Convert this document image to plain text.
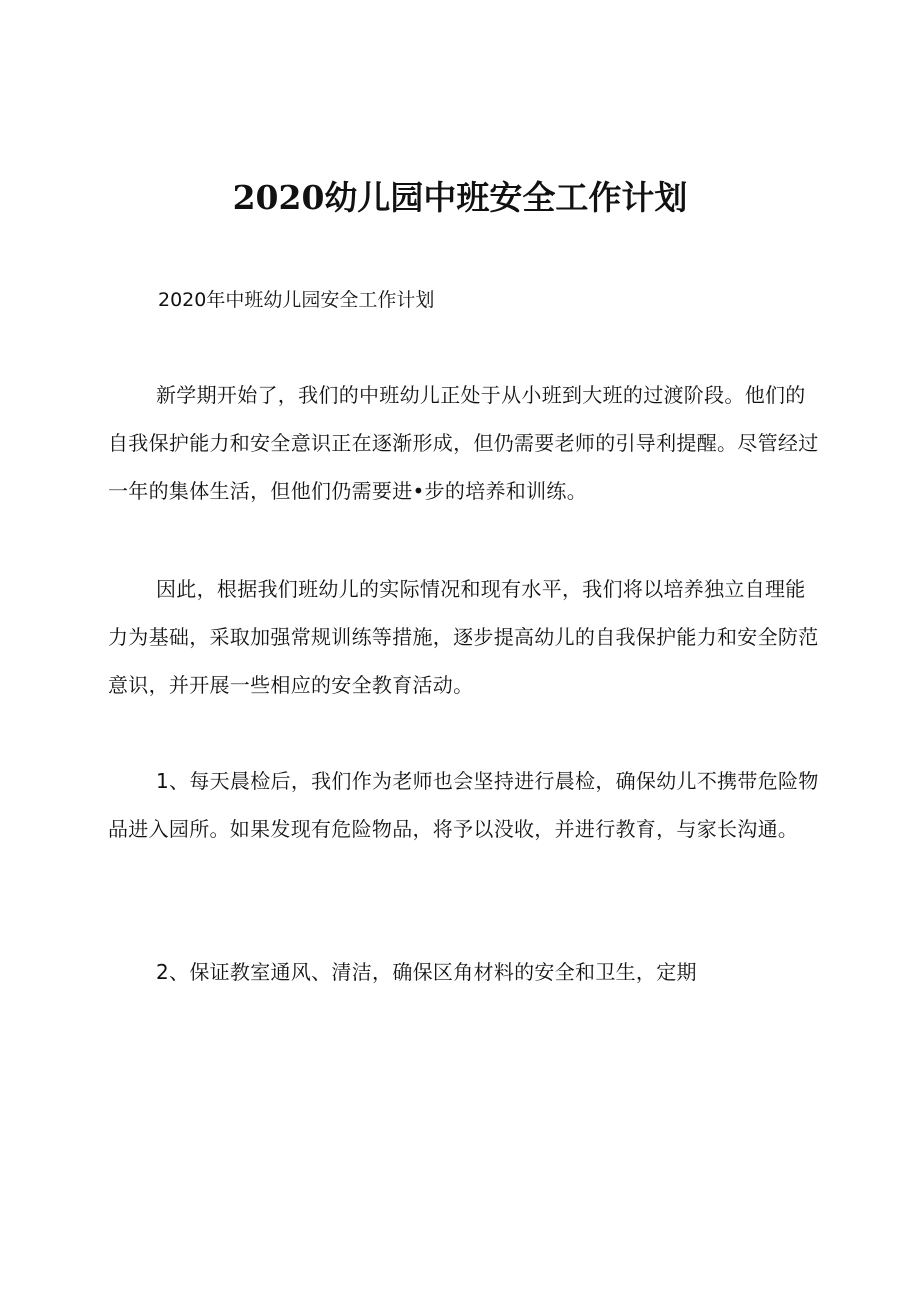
2020幼儿园中班安全工作计划

2020年中班幼儿园安全工作计划

新学期开始了，我们的中班幼儿正处于从小班到大班的过渡阶段。他们的自我保护能力和安全意识正在逐渐形成，但仍需要老师的引导利提醒。尽管经过一年的集体生活，但他们仍需要进•步的培养和训练。

因此，根据我们班幼儿的实际情况和现有水平，我们将以培养独立自理能力为基础，采取加强常规训练等措施，逐步提高幼儿的自我保护能力和安全防范意识，并开展一些相应的安全教育活动。

1、每天晨检后，我们作为老师也会坚持进行晨检，确保幼儿不携带危险物品进入园所。如果发现有危险物品，将予以没收，并进行教育，与家长沟通。

2、保证教室通风、清洁，确保区角材料的安全和卫生，定期
